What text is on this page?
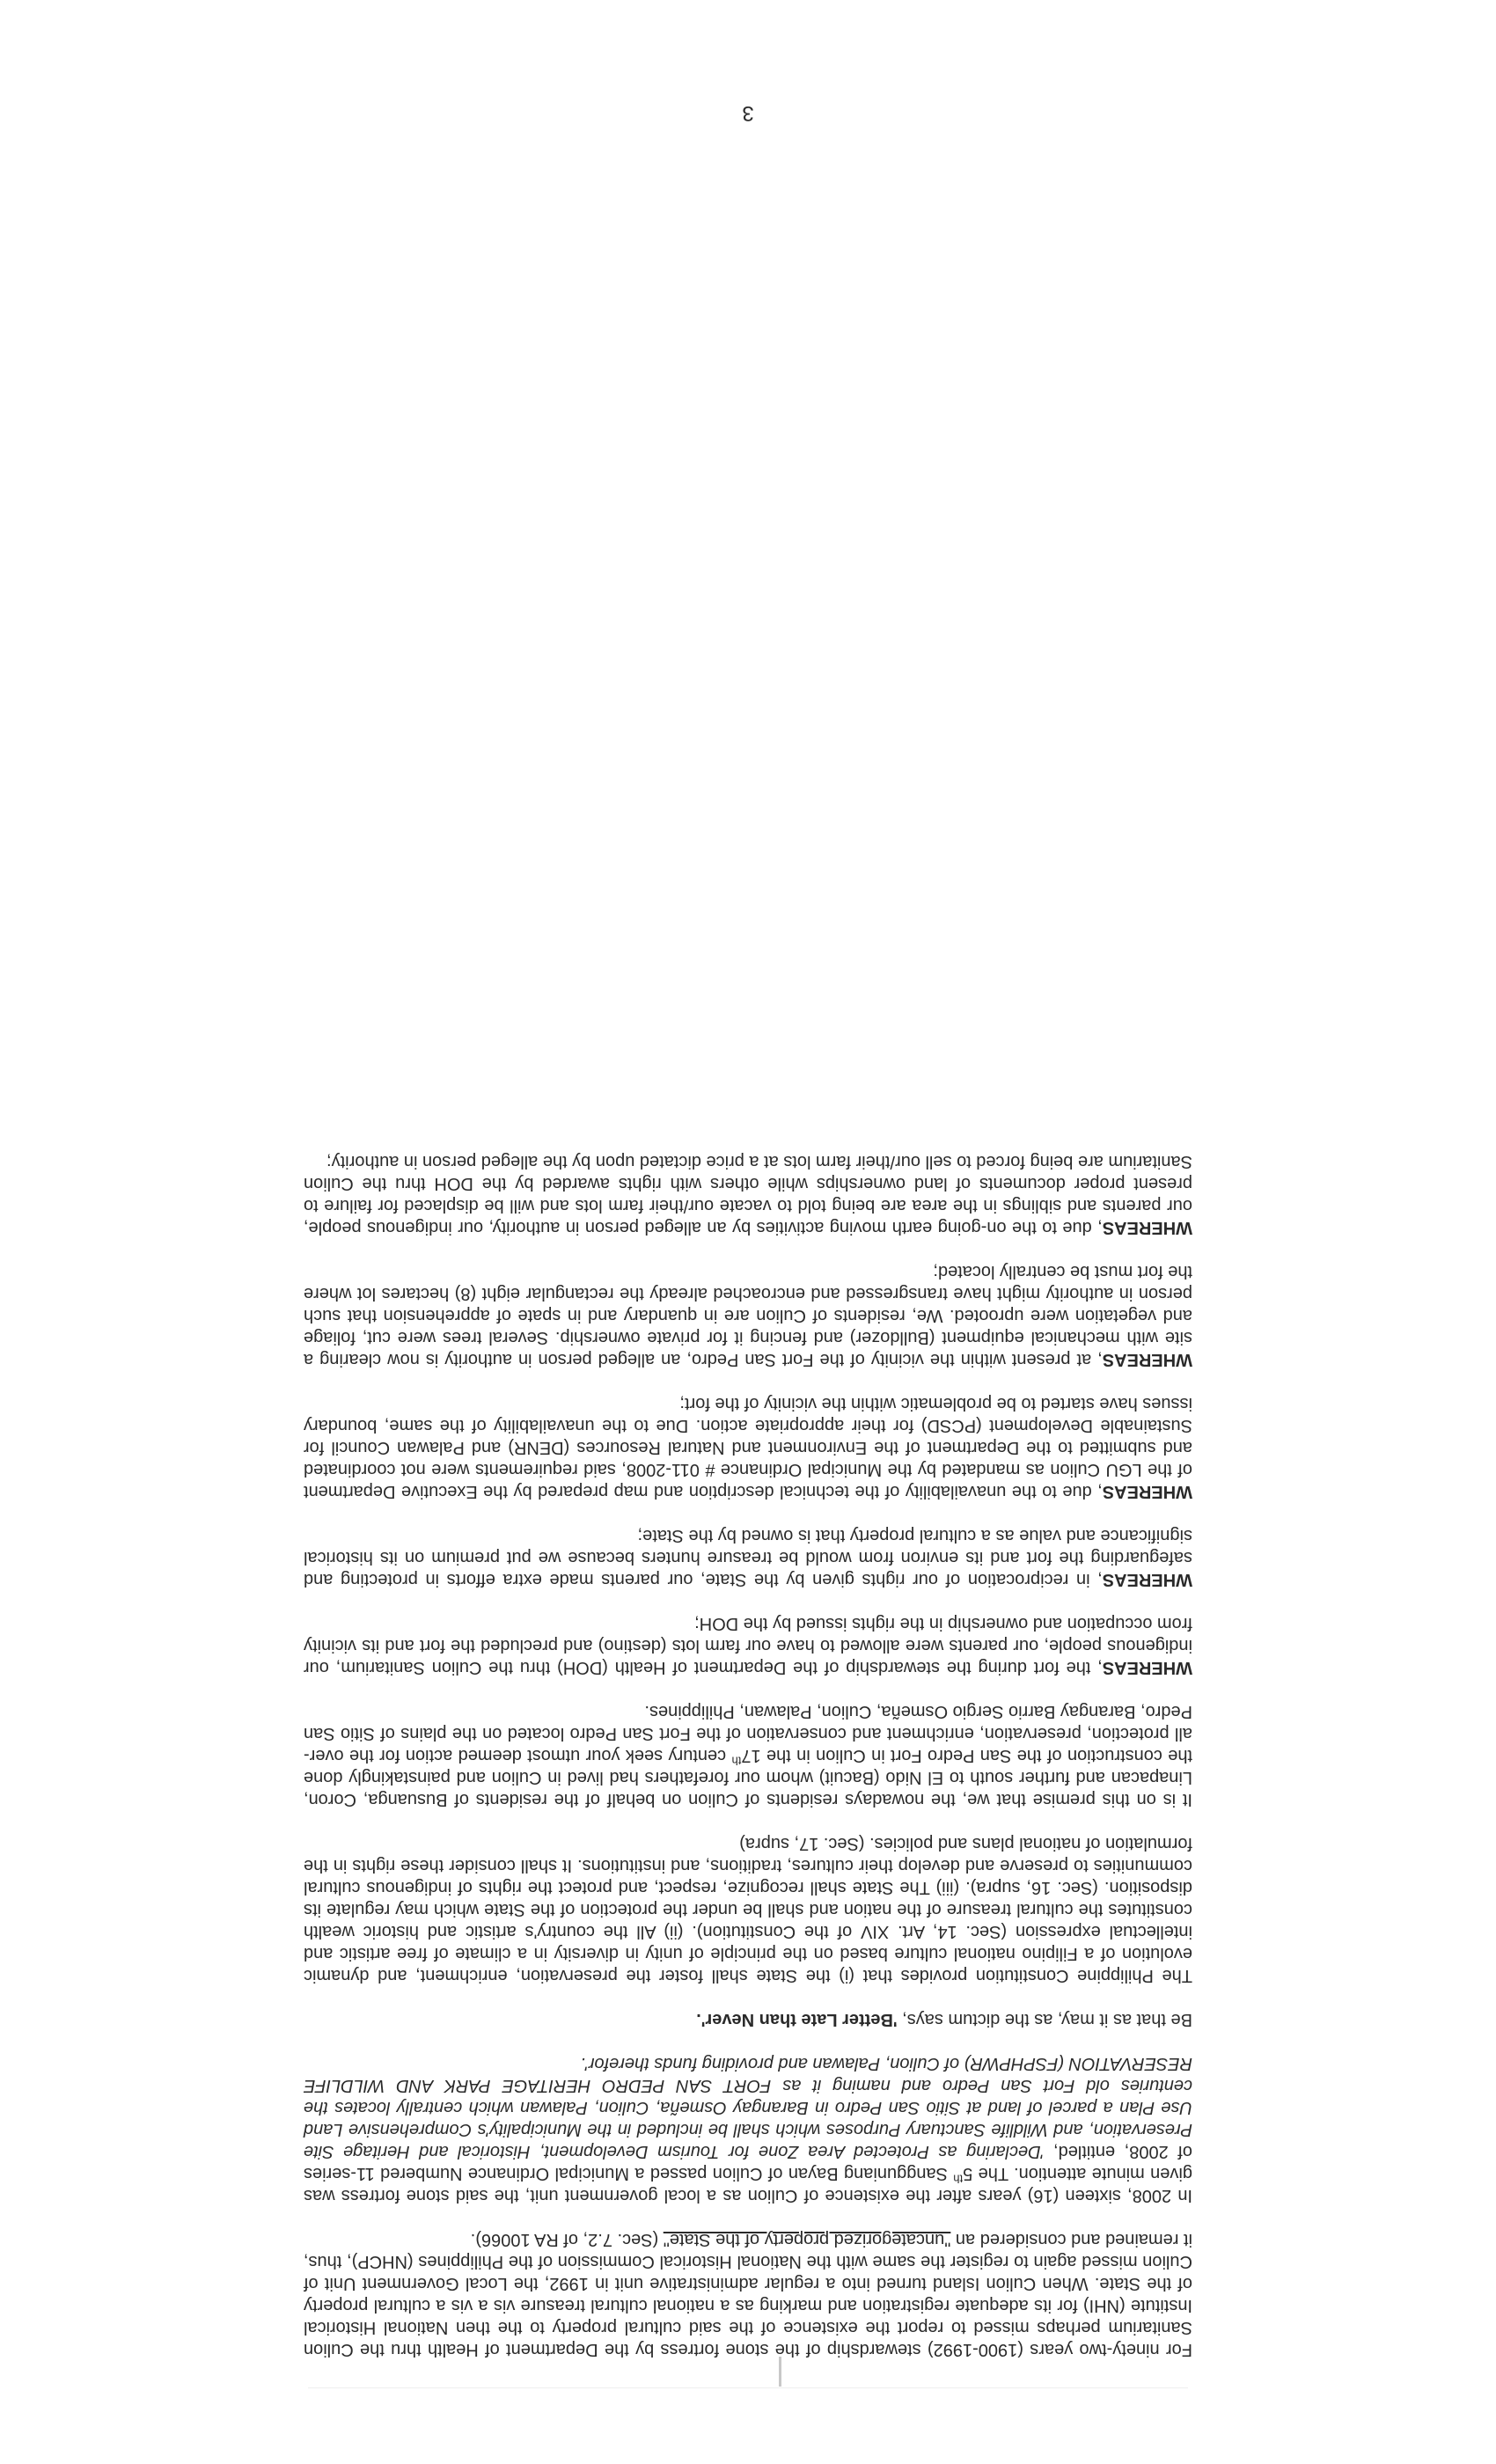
For ninety-two years (1900-1992) stewardship of the stone fortress by the Department of Health thru the Culion Sanitarium perhaps missed to report the existence of the said cultural property to the then National Historical Institute (NHI) for its adequate registration and marking as a national cultural treasure vis a vis a cultural property of the State. When Culion Island turned into a regular administrative unit in 1992, the Local Government Unit of Culion missed again to register the same with the National Historical Commission of the Philippines (NHCP), thus, it remained and considered an "uncategorized property of the State" (Sec. 7.2, of RA 10066).

In 2008, sixteen (16) years after the existence of Culion as a local government unit, the said stone fortress was given minute attention. The 5th Sangguniang Bayan of Culion passed a Municipal Ordinance Numbered 11-series of 2008, entitled, 'Declaring as Protected Area Zone for Tourism Development, Historical and Heritage Site Preservation, and Wildlife Sanctuary Purposes which shall be included in the Municipality's Comprehensive Land Use Plan a parcel of land at Sitio San Pedro in Barangay Osmeña, Culion, Palawan which centrally locates the centuries old Fort San Pedro and naming it as FORT SAN PEDRO HERITAGE PARK AND WILDLIFE RESERVATION (FSPHPWR) of Culion, Palawan and providing funds therefor'.

Be that as it may, as the dictum says, 'Better Late than Never'.

The Philippine Constitution provides that (i) the State shall foster the preservation, enrichment, and dynamic evolution of a Filipino national culture based on the principle of unity in diversity in a climate of free artistic and intellectual expression (Sec. 14, Art. XIV of the Constitution). (ii) All the country's artistic and historic wealth constitutes the cultural treasure of the nation and shall be under the protection of the State which may regulate its disposition. (Sec. 16, supra). (iii) The State shall recognize, respect, and protect the rights of indigenous cultural communities to preserve and develop their cultures, traditions, and institutions. It shall consider these rights in the formulation of national plans and policies. (Sec. 17, supra)

It is on this premise that we, the nowadays residents of Culion on behalf of the residents of Busuanga, Coron, Linapacan and further south to El Nido (Bacuit) whom our forefathers had lived in Culion and painstakingly done the construction of the San Pedro Fort in Culion in the 17th century seek your utmost deemed action for the over-all protection, preservation, enrichment and conservation of the Fort San Pedro located on the plains of Sitio San Pedro, Barangay Barrio Sergio Osmeña, Culion, Palawan, Philippines.

WHEREAS, the fort during the stewardship of the Department of Health (DOH) thru the Culion Sanitarium, our indigenous people, our parents were allowed to have our farm lots (destino) and precluded the fort and its vicinity from occupation and ownership in the rights issued by the DOH;

WHEREAS, in reciprocation of our rights given by the State, our parents made extra efforts in protecting and safeguarding the fort and its environ from would be treasure hunters because we put premium on its historical significance and value as a cultural property that is owned by the State;

WHEREAS, due to the unavailability of the technical description and map prepared by the Executive Department of the LGU Culion as mandated by the Municipal Ordinance # 011-2008, said requirements were not coordinated and submitted to the Department of the Environment and Natural Resources (DENR) and Palawan Council for Sustainable Development (PCSD) for their appropriate action. Due to the unavailability of the same, boundary issues have started to be problematic within the vicinity of the fort;

WHEREAS, at present within the vicinity of the Fort San Pedro, an alleged person in authority is now clearing a site with mechanical equipment (Bulldozer) and fencing it for private ownership. Several trees were cut, foliage and vegetation were uprooted. We, residents of Culion are in quandary and in spate of apprehension that such person in authority might have transgressed and encroached already the rectangular eight (8) hectares lot where the fort must be centrally located;

WHEREAS, due to the on-going earth moving activities by an alleged person in authority, our indigenous people, our parents and siblings in the area are being told to vacate our/their farm lots and will be displaced for failure to present proper documents of land ownerships while others with rights awarded by the DOH thru the Culion Sanitarium are being forced to sell our/their farm lots at a price dictated upon by the alleged person in authority;

3
